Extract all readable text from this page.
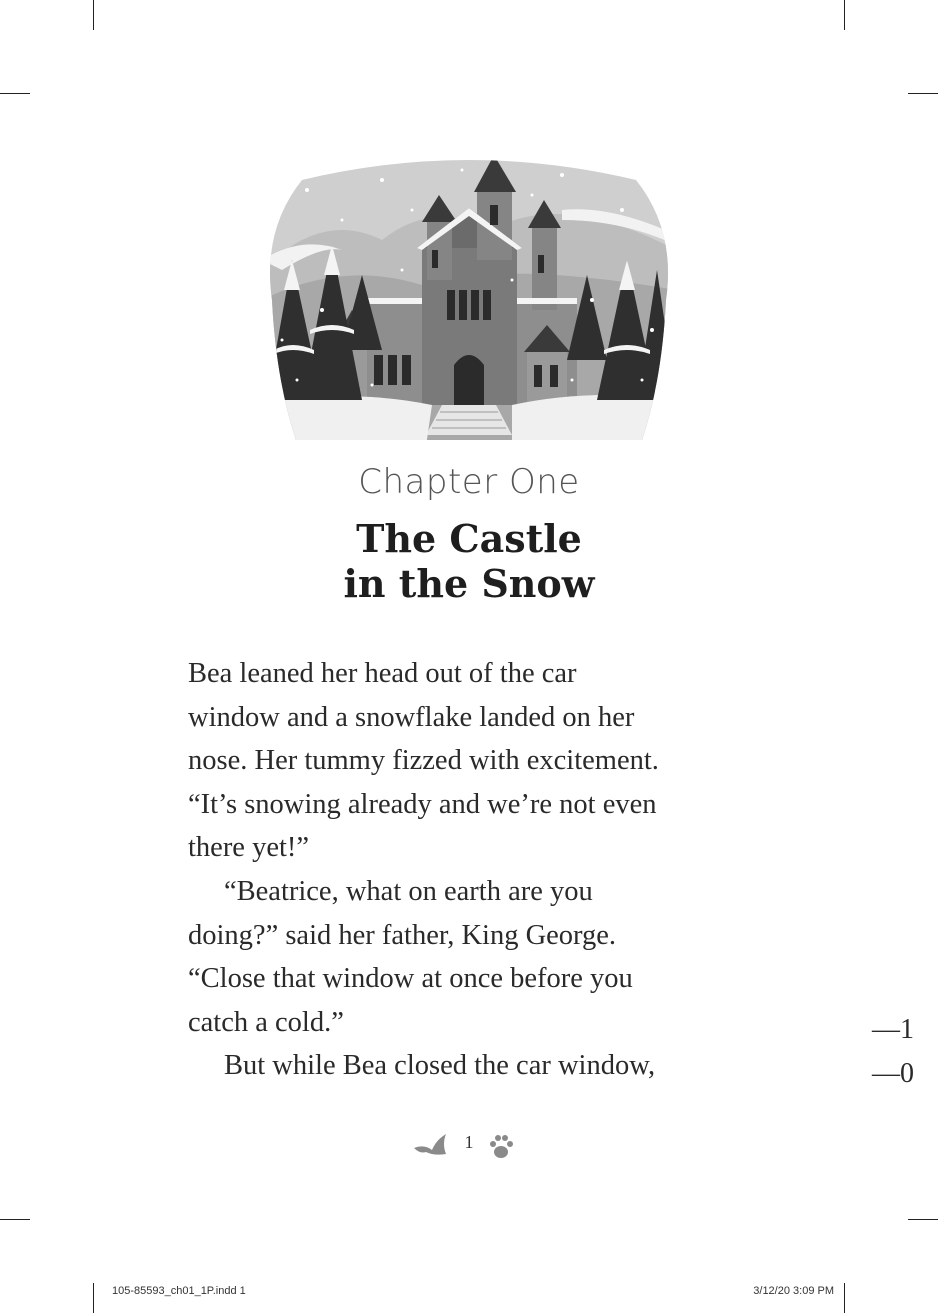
Chapter One
The Castle
in the Snow
Bea leaned her head out of the car
window and a snowflake landed on her
nose. Her tummy fizzed with excitement.
“It’s snowing already and we’re not even
there yet!”
“Beatrice, what on earth are you
doing?” said her father, King George.
“Close that window at once before you
catch a cold.”
But while Bea closed the car window,
—1
—0
1
105-85593_ch01_1P.indd 1	3/12/20 3:09 PM
